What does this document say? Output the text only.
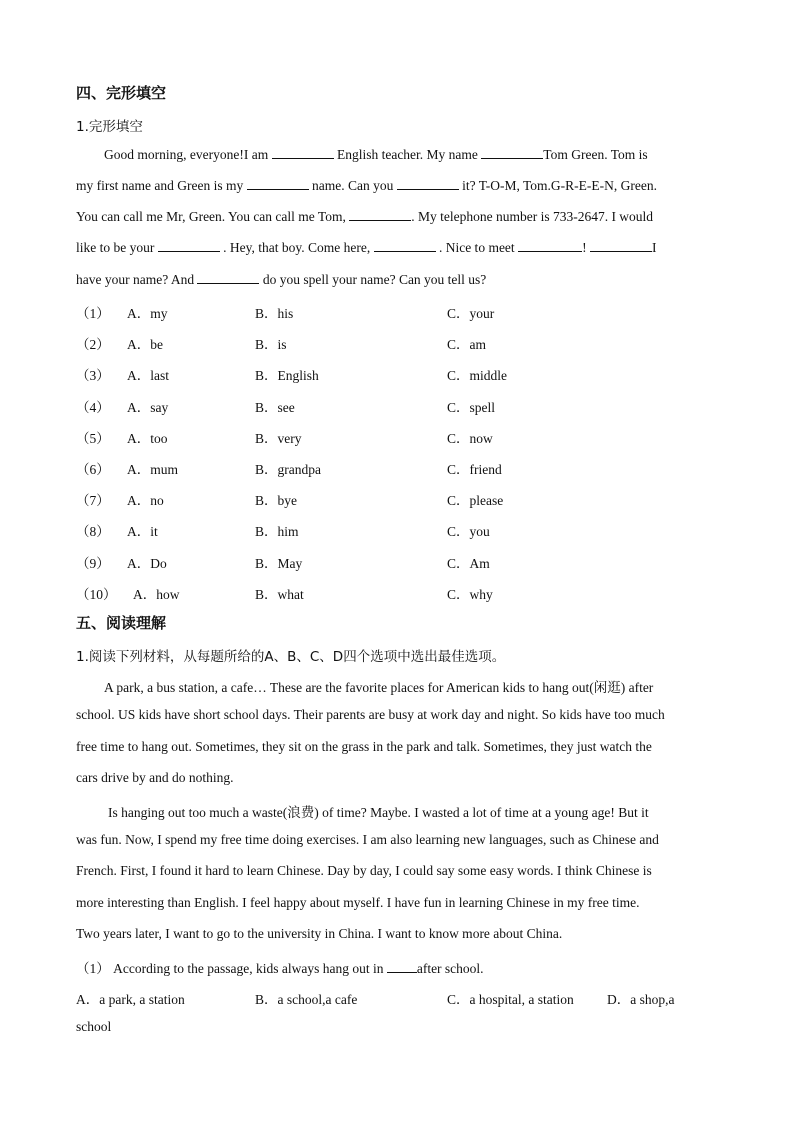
四、完形填空
1.完形填空
Good morning, everyone!I am	English teacher. My name	Tom Green. Tom is
my first name and Green is my	name. Can you	it? T-O-M, Tom.G-R-E-E-N, Green.
You can call me Mr, Green. You can call me Tom,	. My telephone number is 733-2647. I would
like to be your	. Hey, that boy. Come here,	. Nice to meet	!	I
have your name? And	do you spell your name? Can you tell us?
（1） A．my	B．his	C．your
（2） A．be	B．is	C．am
（3） A．last	B．English	C．middle
（4） A．say	B．see	C．spell
（5） A．too	B．very	C．now
（6） A．mum	B．grandpa	C．friend
（7） A．no	B．bye	C．please
（8） A．it	B．him	C．you
（9） A．Do	B．May	C．Am
（10） A．how	B．what	C．why
五、阅读理解
1.阅读下列材料，从每题所给的A、B、C、D四个选项中选出最佳选项。
A park, a bus station, a cafe… These are the favorite places for American kids to hang out(闲逛) after
school. US kids have short school days. Their parents are busy at work day and night. So kids have too much
free time to hang out. Sometimes, they sit on the grass in the park and talk. Sometimes, they just watch the
cars drive by and do nothing.
Is hanging out too much a waste(浪费) of time? Maybe. I wasted a lot of time at a young age! But it
was fun. Now, I spend my free time doing exercises. I am also learning new languages, such as Chinese and
French. First, I found it hard to learn Chinese. Day by day, I could say some easy words. I think Chinese is
more interesting than English. I feel happy about myself. I have fun in learning Chinese in my free time.
Two years later, I want to go to the university in China. I want to know more about China.
（1） According to the passage, kids always hang out in after school.
A．a park, a station	B．a school,a cafe	C．a hospital, a station D．a shop,a
school
